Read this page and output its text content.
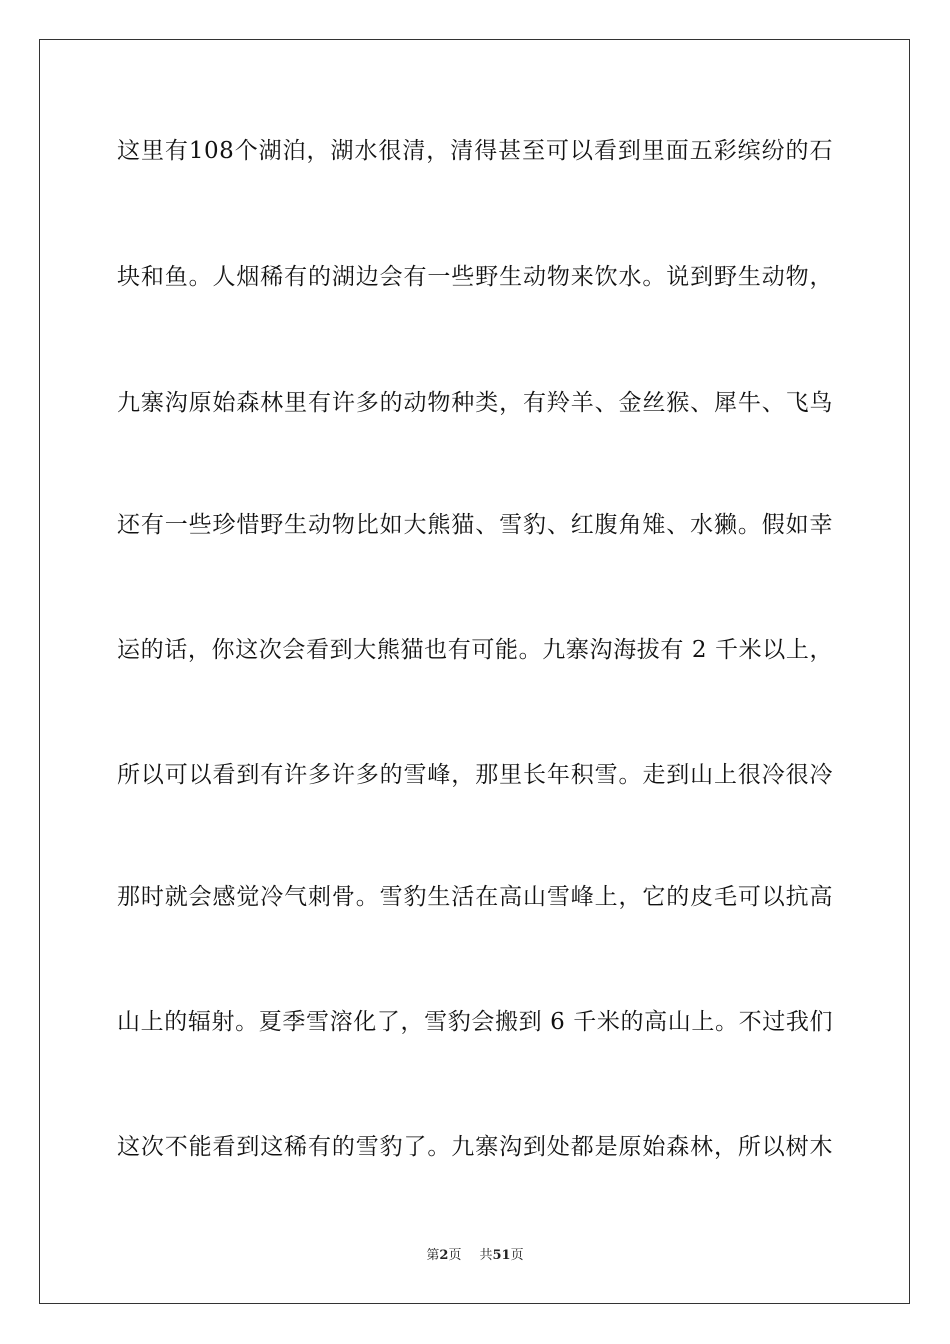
这里有108个湖泊，湖水很清，清得甚至可以看到里面五彩缤纷的石
块和鱼。人烟稀有的湖边会有一些野生动物来饮水。说到野生动物，
九寨沟原始森林里有许多的动物种类，有羚羊、金丝猴、犀牛、飞鸟
还有一些珍惜野生动物比如大熊猫、雪豹、红腹角雉、水獭。假如幸
运的话，你这次会看到大熊猫也有可能。九寨沟海拔有 2 千米以上，
所以可以看到有许多许多的雪峰，那里长年积雪。走到山上很冷很冷
那时就会感觉冷气刺骨。雪豹生活在高山雪峰上，它的皮毛可以抗高
山上的辐射。夏季雪溶化了，雪豹会搬到 6 千米的高山上。不过我们
这次不能看到这稀有的雪豹了。九寨沟到处都是原始森林，所以树木
第2页 共51页
